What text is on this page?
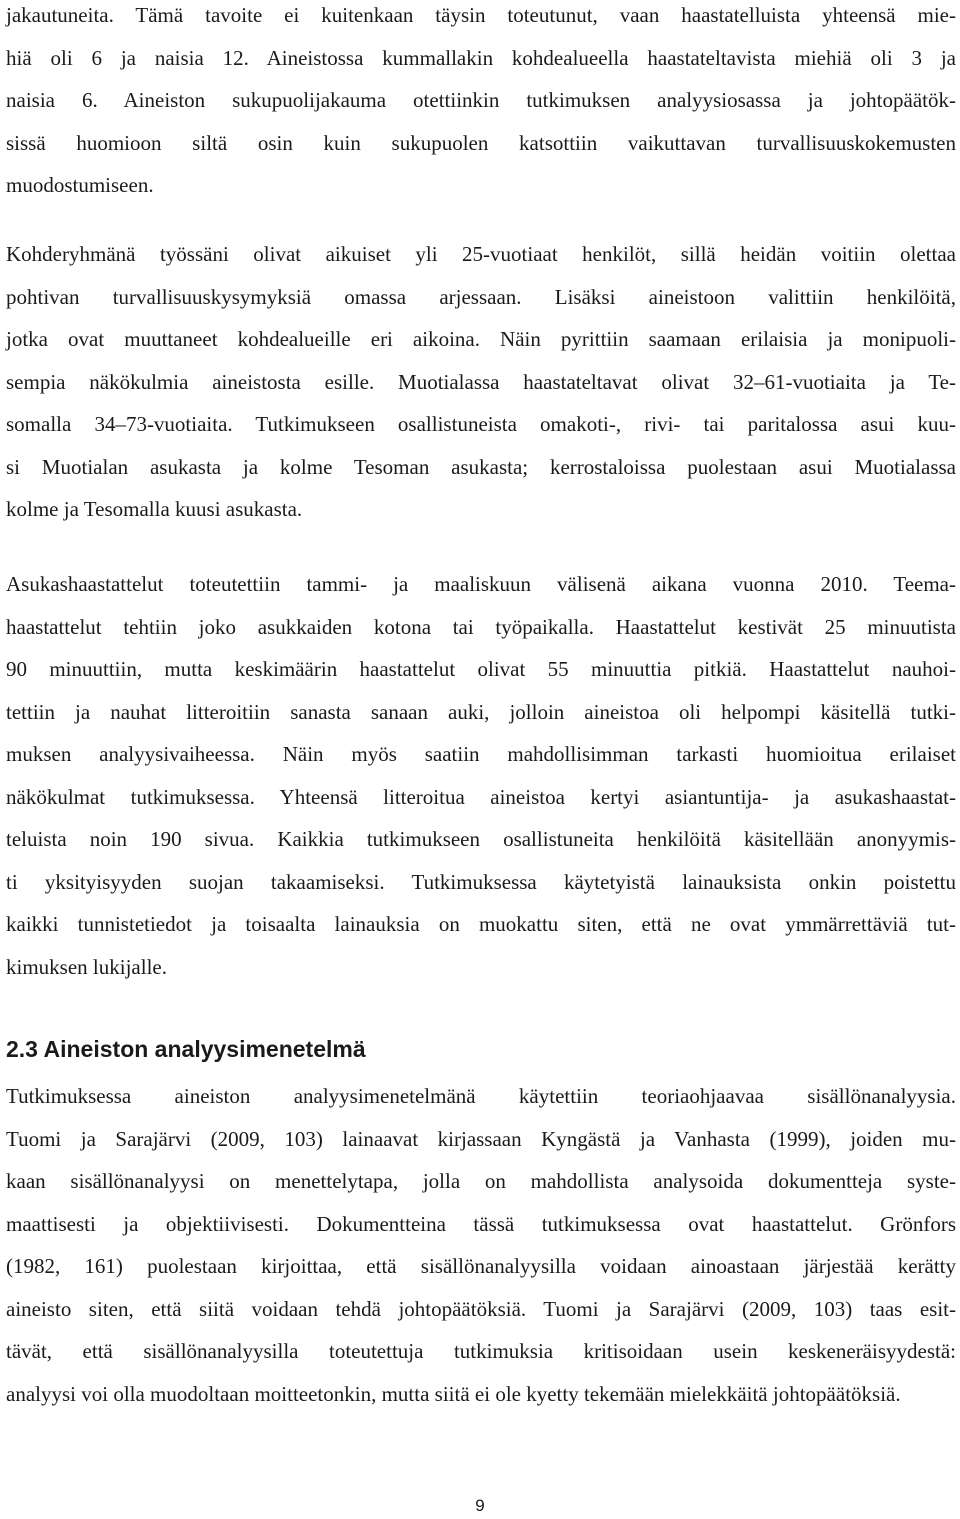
jakautuneita. Tämä tavoite ei kuitenkaan täysin toteutunut, vaan haastatelluista yhteensä mie-
hiä oli 6 ja naisia 12. Aineistossa kummallakin kohdealueella haastateltavista miehiä oli 3 ja
naisia 6. Aineiston sukupuolijakauma otettiinkin tutkimuksen analyysiosassa ja johtopäätök-
sissä huomioon siltä osin kuin sukupuolen katsottiin vaikuttavan turvallisuuskokemusten
muodostumiseen.
Kohderyhmänä työssäni olivat aikuiset yli 25-vuotiaat henkilöt, sillä heidän voitiin olettaa
pohtivan turvallisuuskysymyksiä omassa arjessaan. Lisäksi aineistoon valittiin henkilöitä,
jotka ovat muuttaneet kohdealueille eri aikoina. Näin pyrittiin saamaan erilaisia ja monipuoli-
sempia näkökulmia aineistosta esille. Muotialassa haastateltavat olivat 32–61-vuotiaita ja Te-
somalla 34–73-vuotiaita. Tutkimukseen osallistuneista omakoti-, rivi- tai paritalossa asui kuu-
si Muotialan asukasta ja kolme Tesoman asukasta; kerrostaloissa puolestaan asui Muotialassa
kolme ja Tesomalla kuusi asukasta.
Asukashaastattelut toteutettiin tammi- ja maaliskuun välisenä aikana vuonna 2010. Teema-
haastattelut tehtiin joko asukkaiden kotona tai työpaikalla. Haastattelut kestivät 25 minuutista
90 minuuttiin, mutta keskimäärin haastattelut olivat 55 minuuttia pitkiä. Haastattelut nauhoi-
tettiin ja nauhat litteroitiin sanasta sanaan auki, jolloin aineistoa oli helpompi käsitellä tutki-
muksen analyysivaiheessa. Näin myös saatiin mahdollisimman tarkasti huomioitua erilaiset
näkökulmat tutkimuksessa. Yhteensä litteroitua aineistoa kertyi asiantuntija- ja asukashaastat-
teluista noin 190 sivua. Kaikkia tutkimukseen osallistuneita henkilöitä käsitellään anonyymis-
ti yksityisyyden suojan takaamiseksi. Tutkimuksessa käytetyistä lainauksista onkin poistettu
kaikki tunnistetiedot ja toisaalta lainauksia on muokattu siten, että ne ovat ymmärrettäviä tut-
kimuksen lukijalle.
2.3 Aineiston analyysimenetelmä
Tutkimuksessa aineiston analyysimenetelmänä käytettiin teoriaohjaavaa sisällönanalyysia.
Tuomi ja Sarajärvi (2009, 103) lainaavat kirjassaan Kyngästä ja Vanhasta (1999), joiden mu-
kaan sisällönanalyysi on menettelytapa, jolla on mahdollista analysoida dokumentteja syste-
maattisesti ja objektiivisesti. Dokumentteina tässä tutkimuksessa ovat haastattelut. Grönfors
(1982, 161) puolestaan kirjoittaa, että sisällönanalyysilla voidaan ainoastaan järjestää kerätty
aineisto siten, että siitä voidaan tehdä johtopäätöksiä. Tuomi ja Sarajärvi (2009, 103) taas esit-
tävät, että sisällönanalyysilla toteutettuja tutkimuksia kritisoidaan usein keskeneräisyydestä:
analyysi voi olla muodoltaan moitteetonkin, mutta siitä ei ole kyetty tekemään mielekkäitä johtopäätöksiä.
9
